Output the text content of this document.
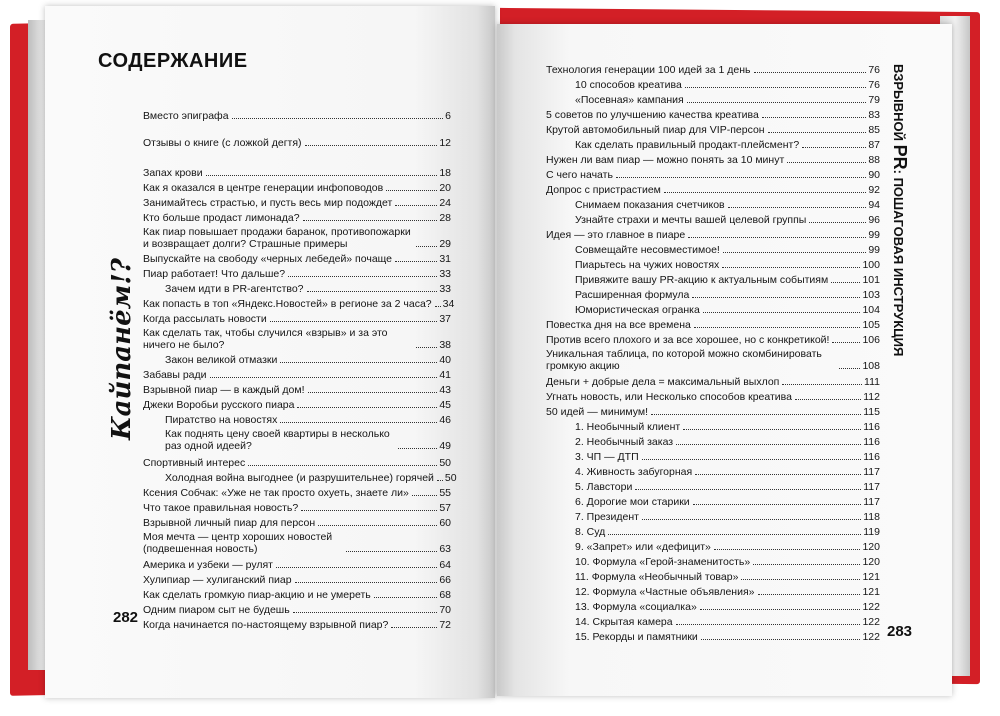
СОДЕРЖАНИЕ
Вместо эпиграфа	6
Отзывы о книге (с ложкой дегтя)	12
Запах крови	18
Как я оказался в центре генерации инфоповодов	20
Занимайтесь страстью, и пусть весь мир подождет	24
Кто больше продаст лимонада?	28
Как пиар повышает продажи баранок, противопожарки и возвращает долги? Страшные примеры	29
Выпускайте на свободу «черных лебедей» почаще	31
Пиар работает! Что дальше?	33
Зачем идти в PR-агентство?	33
Как попасть в топ «Яндекс.Новостей» в регионе за 2 часа? 34
Когда рассылать новости	37
Как сделать так, чтобы случился «взрыв» и за это ничего не было?	38
Закон великой отмазки	40
Забавы ради	41
Взрывной пиар — в каждый дом!	43
Джеки Воробьи русского пиара	45
Пиратство на новостях	46
Как поднять цену своей квартиры в несколько раз одной идеей?	49
Спортивный интерес	50
Холодная война выгоднее (и разрушительнее) горячей 50
Ксения Собчак: «Уже не так просто охуеть, знаете ли»	55
Что такое правильная новость?	57
Взрывной личный пиар для персон	60
Моя мечта — центр хороших новостей (подвешенная новость)	63
Америка и узбеки — рулят	64
Хулипиар — хулиганский пиар	66
Как сделать громкую пиар-акцию и не умереть	68
Одним пиаром сыт не будешь	70
Когда начинается по-настоящему взрывной пиар?	72
Кайпанём!?
282
Технология генерации 100 идей за 1 день	76
10 способов креатива	76
«Посевная» кампания	79
5 советов по улучшению качества креатива	83
Крутой автомобильный пиар для VIP-персон	85
Как сделать правильный продакт-плейсмент?	87
Нужен ли вам пиар — можно понять за 10 минут	88
С чего начать	90
Допрос с пристрастием	92
Снимаем показания счетчиков	94
Узнайте страхи и мечты вашей целевой группы	96
Идея — это главное в пиаре	99
Совмещайте несовместимое!	99
Пиарьтесь на чужих новостях	100
Привяжите вашу PR-акцию к актуальным событиям	101
Расширенная формула	103
Юмористическая огранка	104
Повестка дня на все времена	105
Против всего плохого и за все хорошее, но с конкретикой!	106
Уникальная таблица, по которой можно скомбинировать громкую акцию	108
Деньги + добрые дела = максимальный выхлоп	111
Угнать новость, или Несколько способов креатива	112
50 идей — минимум!	115
1. Необычный клиент	116
2. Необычный заказ	116
3. ЧП — ДТП	116
4. Живность забугорная	117
5. Лавстори	117
6. Дорогие мои старики	117
7. Президент	118
8. Суд	119
9. «Запрет» или «дефицит»	120
10. Формула «Герой-знаменитость»	120
11. Формула «Необычный товар»	121
12. Формула «Частные объявления»	121
13. Формула «социалка»	122
14. Скрытая камера	122
15. Рекорды и памятники	122
ВЗРЫВНОЙ PR: ПОШАГОВАЯ ИНСТРУКЦИЯ
283
